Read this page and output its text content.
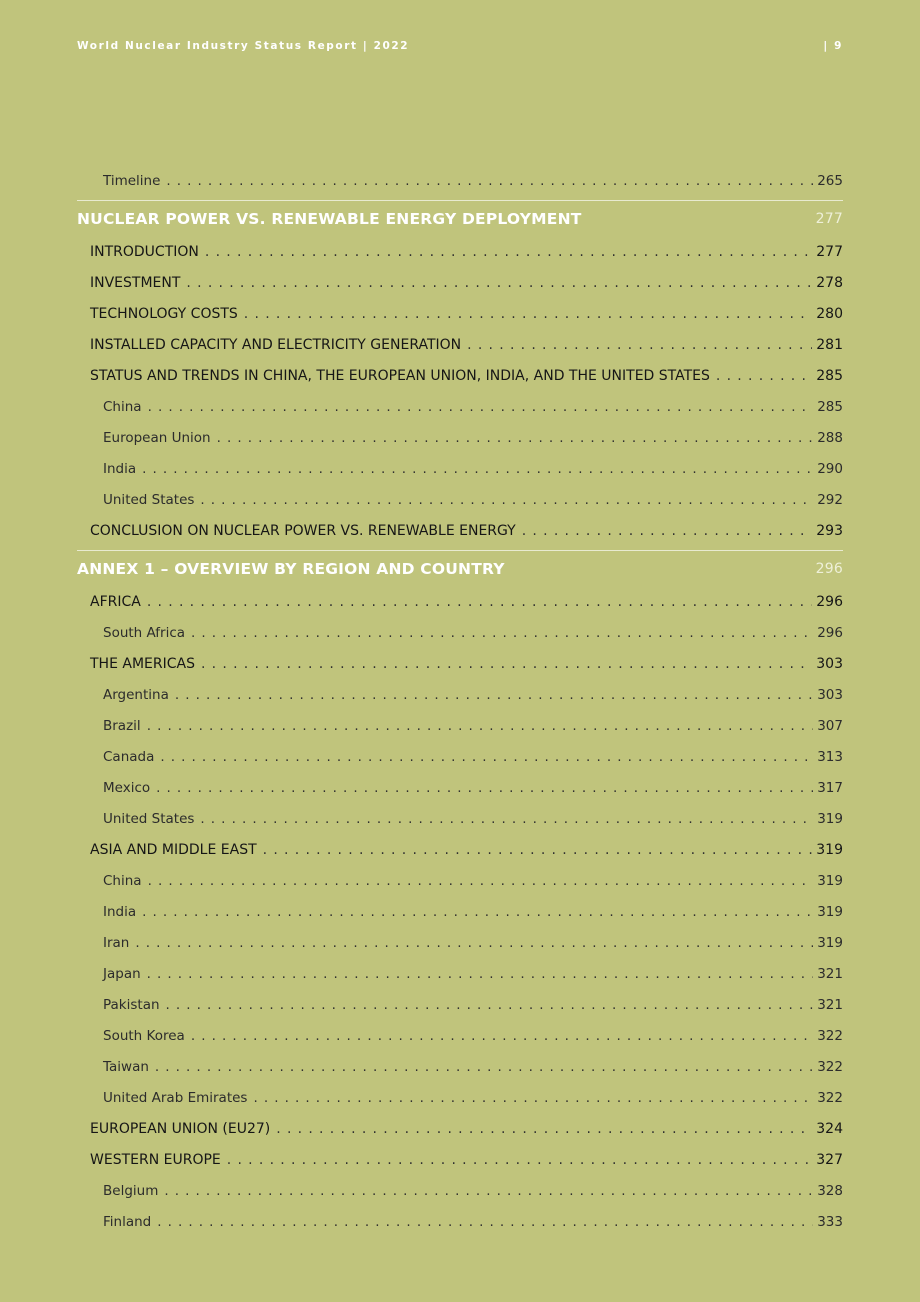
World Nuclear Industry Status Report | 2022	| 9
Timeline . . .	265
NUCLEAR POWER VS. RENEWABLE ENERGY DEPLOYMENT	277
INTRODUCTION . . .	277
INVESTMENT . . .	278
TECHNOLOGY COSTS . . .	280
INSTALLED CAPACITY AND ELECTRICITY GENERATION . . .	281
STATUS AND TRENDS IN CHINA, THE EUROPEAN UNION, INDIA, AND THE UNITED STATES . . .	285
China . . .	285
European Union . . .	288
India . . .	290
United States . . .	292
CONCLUSION ON NUCLEAR POWER VS. RENEWABLE ENERGY . . .	293
ANNEX 1 – OVERVIEW BY REGION AND COUNTRY	296
AFRICA . . .	296
South Africa . . .	296
THE AMERICAS . . .	303
Argentina . . .	303
Brazil . . .	307
Canada . . .	313
Mexico . . .	317
United States . . .	319
ASIA AND MIDDLE EAST . . .	319
China . . .	319
India . . .	319
Iran . . .	319
Japan . . .	321
Pakistan . . .	321
South Korea . . .	322
Taiwan . . .	322
United Arab Emirates . . .	322
EUROPEAN UNION (EU27) . . .	324
WESTERN EUROPE . . .	327
Belgium . . .	328
Finland . . .	333
